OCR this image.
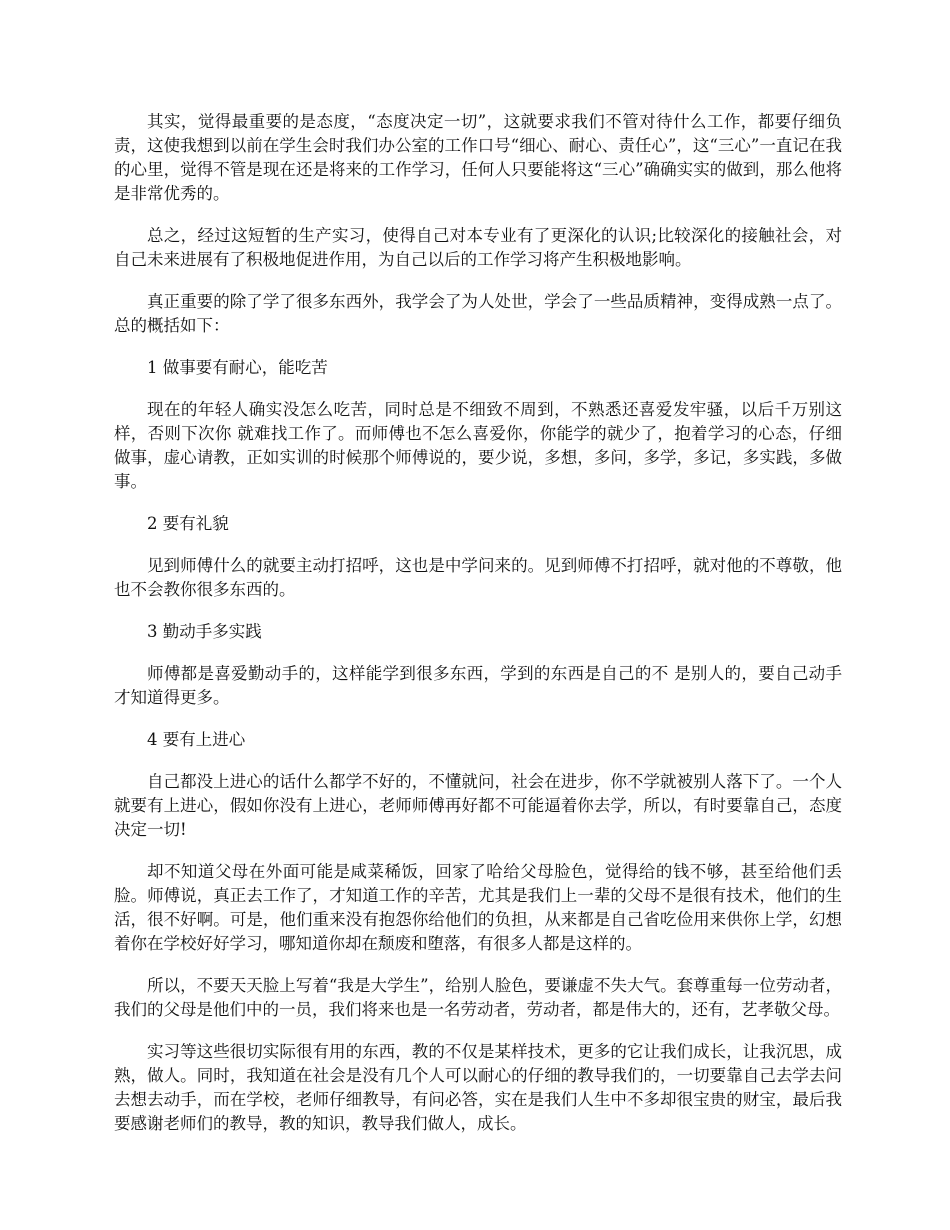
其实，觉得最重要的是态度，“态度决定一切”，这就要求我们不管对待什么工作，都要仔细负责，这使我想到以前在学生会时我们办公室的工作口号“细心、耐心、责任心”，这“三心”一直记在我的心里，觉得不管是现在还是将来的工作学习，任何人只要能将这“三心”确确实实的做到，那么他将是非常优秀的。

总之，经过这短暂的生产实习，使得自己对本专业有了更深化的认识;比较深化的接触社会，对自己未来进展有了积极地促进作用，为自己以后的工作学习将产生积极地影响。

真正重要的除了学了很多东西外，我学会了为人处世，学会了一些品质精神，变得成熟一点了。总的概括如下：

1 做事要有耐心，能吃苦

现在的年轻人确实没怎么吃苦，同时总是不细致不周到，不熟悉还喜爱发牢骚，以后千万别这样，否则下次你 就难找工作了。而师傅也不怎么喜爱你，你能学的就少了，抱着学习的心态，仔细做事，虚心请教，正如实训的时候那个师傅说的，要少说，多想，多问，多学，多记，多实践，多做事。

2 要有礼貌

见到师傅什么的就要主动打招呼，这也是中学问来的。见到师傅不打招呼，就对他的不尊敬，他也不会教你很多东西的。

3 勤动手多实践

师傅都是喜爱勤动手的，这样能学到很多东西，学到的东西是自己的不 是别人的，要自己动手才知道得更多。

4 要有上进心

自己都没上进心的话什么都学不好的，不懂就问，社会在进步，你不学就被别人落下了。一个人就要有上进心，假如你没有上进心，老师师傅再好都不可能逼着你去学，所以，有时要靠自己，态度决定一切!

却不知道父母在外面可能是咸菜稀饭，回家了哈给父母脸色，觉得给的钱不够，甚至给他们丢脸。师傅说，真正去工作了，才知道工作的辛苦，尤其是我们上一辈的父母不是很有技术，他们的生活，很不好啊。可是，他们重来没有抱怨你给他们的负担，从来都是自己省吃俭用来供你上学，幻想着你在学校好好学习，哪知道你却在颓废和堕落，有很多人都是这样的。

所以，不要天天脸上写着“我是大学生”，给别人脸色，要谦虚不失大气。套尊重每一位劳动者，我们的父母是他们中的一员，我们将来也是一名劳动者，劳动者，都是伟大的，还有，艺孝敬父母。

实习等这些很切实际很有用的东西，教的不仅是某样技术，更多的它让我们成长，让我沉思，成熟，做人。同时，我知道在社会是没有几个人可以耐心的仔细的教导我们的，一切要靠自己去学去问去想去动手，而在学校，老师仔细教导，有问必答，实在是我们人生中不多却很宝贵的财宝，最后我要感谢老师们的教导，教的知识，教导我们做人，成长。
